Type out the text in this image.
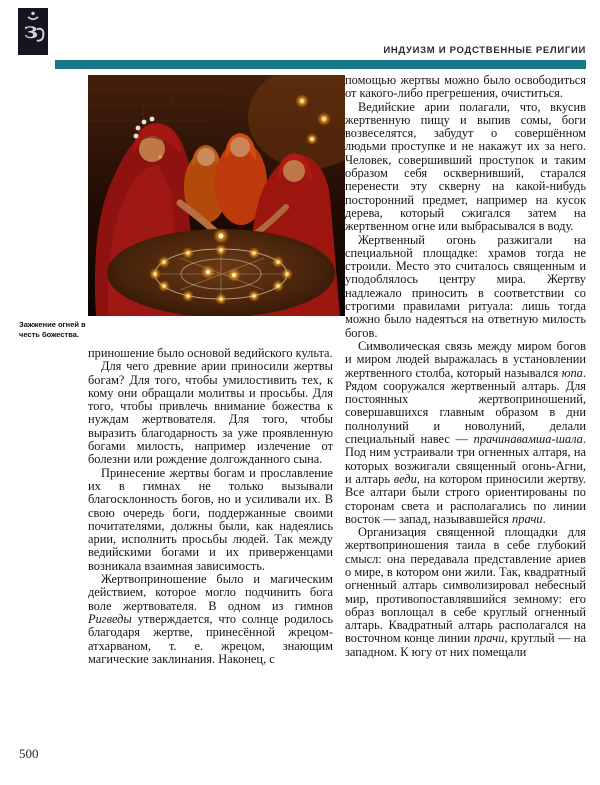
з
ИНДУИЗМ И РОДСТВЕННЫЕ РЕЛИГИИ
Зажжение огней в честь божества.

приношение было основой ведийского культа.

Для чего древние арии приносили жертвы богам? Для того, чтобы умилостивить тех, к кому они обращали молитвы и просьбы. Для того, чтобы привлечь внимание божества к нуждам жертвователя. Для того, чтобы выразить благодарность за уже проявленную богами милость, например излечение от болезни или рождение долгожданного сына.

Принесение жертвы богам и прославление их в гимнах не только вызывали благосклонность богов, но и усиливали их. В свою очередь боги, поддержанные своими почитателями, должны были, как надеялись арии, исполнить просьбы людей. Так между ведийскими богами и их приверженцами возникала взаимная зависимость.

Жертвоприношение было и магическим действием, которое могло подчинить бога воле жертвователя. В одном из гимнов Ригведы утверждается, что солнце родилось благодаря жертве, принесённой жрецом-атхарваном, т. е. жрецом, знающим магические заклинания. Наконец, с

помощью жертвы можно было освободиться от какого-либо прегрешения, очиститься.

Ведийские арии полагали, что, вкусив жертвенную пищу и выпив сомы, боги возвеселятся, забудут о совершённом людьми проступке и не накажут их за него. Человек, совершивший проступок и таким образом себя осквернивший, старался перенести эту скверну на какой-нибудь посторонний предмет, например на кусок дерева, который сжигался затем на жертвенном огне или выбрасывался в воду.

Жертвенный огонь разжигали на специальной площадке: храмов тогда не строили. Место это считалось священным и уподоблялось центру мира. Жертву надлежало приносить в соответствии со строгими правилами ритуала: лишь тогда можно было надеяться на ответную милость богов.

Символическая связь между миром богов и миром людей выражалась в установлении жертвенного столба, который назывался юпа. Рядом сооружался жертвенный алтарь. Для постоянных жертвоприношений, совершавшихся главным образом в дни полнолуний и новолуний, делали специальный навес — прачинавамша-шала. Под ним устраивали три огненных алтаря, на которых возжигали священный огонь-Агни, и алтарь веди, на котором приносили жертву. Все алтари были строго ориентированы по сторонам света и располагались по линии восток — запад, называвшейся прачи.

Организация священной площадки для жертвоприношения таила в себе глубокий смысл: она передавала представление ариев о мире, в котором они жили. Так, квадратный огненный алтарь символизировал небесный мир, противопоставлявшийся земному: его образ воплощал в себе круглый огненный алтарь. Квадратный алтарь располагался на восточном конце линии прачи, круглый — на западном. К югу от них помещали

500
